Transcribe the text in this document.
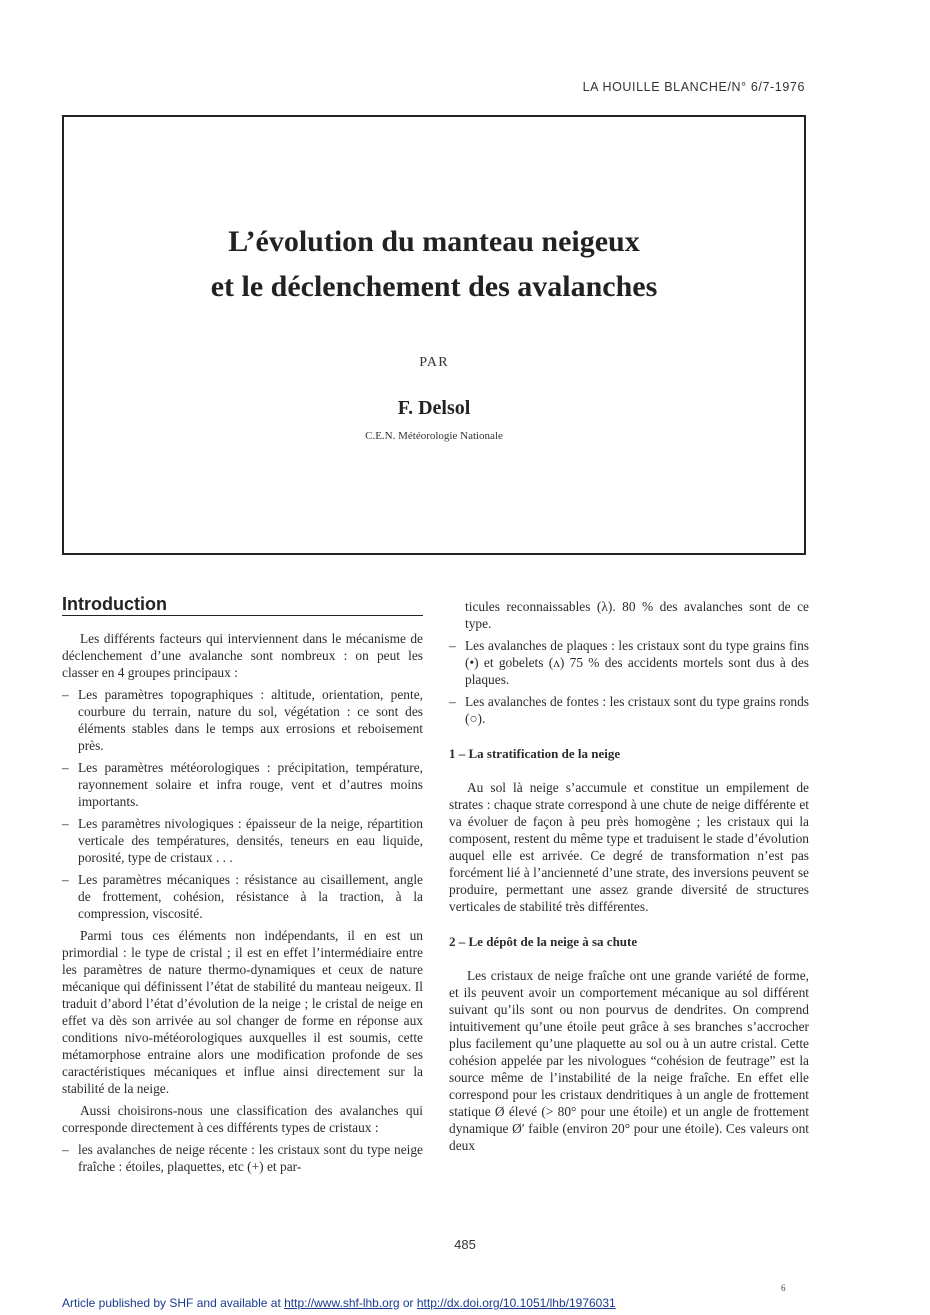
LA HOUILLE BLANCHE/N° 6/7-1976
L’évolution du manteau neigeux
et le déclenchement des avalanches
PAR
F. Delsol
C.E.N. Météorologie Nationale
Introduction

Les différents facteurs qui interviennent dans le mécanisme de déclenchement d’une avalanche sont nombreux : on peut les classer en 4 groupes principaux :

– Les paramètres topographiques : altitude, orientation, pente, courbure du terrain, nature du sol, végétation : ce sont des éléments stables dans le temps aux errosions et reboisement près.
– Les paramètres météorologiques : précipitation, température, rayonnement solaire et infra rouge, vent et d’autres moins importants.
– Les paramètres nivologiques : épaisseur de la neige, répartition verticale des températures, densités, teneurs en eau liquide, porosité, type de cristaux . . .
– Les paramètres mécaniques : résistance au cisaillement, angle de frottement, cohésion, résistance à la traction, à la compression, viscosité.

Parmi tous ces éléments non indépendants, il en est un primordial : le type de cristal ; il est en effet l’intermédiaire entre les paramètres de nature thermo-dynamiques et ceux de nature mécanique qui définissent l’état de stabilité du manteau neigeux. Il traduit d’abord l’état d’évolution de la neige ; le cristal de neige en effet va dès son arrivée au sol changer de forme en réponse aux conditions nivo-météorologiques auxquelles il est soumis, cette métamorphose entraine alors une modification profonde de ses caractéristiques mécaniques et influe ainsi directement sur la stabilité de la neige.

Aussi choisirons-nous une classification des avalanches qui corresponde directement à ces différents types de cristaux :

– les avalanches de neige récente : les cristaux sont du type neige fraîche : étoiles, plaquettes, etc (+) et par-
ticules reconnaissables (λ). 80 % des avalanches sont de ce type.
– Les avalanches de plaques : les cristaux sont du type grains fins (•) et gobelets (ʌ) 75 % des accidents mortels sont dus à des plaques.
– Les avalanches de fontes : les cristaux sont du type grains ronds (○).
1 – La stratification de la neige

Au sol là neige s’accumule et constitue un empilement de strates : chaque strate correspond à une chute de neige différente et va évoluer de façon à peu près homogène ; les cristaux qui la composent, restent du même type et traduisent le stade d’évolution auquel elle est arrivée. Ce degré de transformation n’est pas forcément lié à l’ancienneté d’une strate, des inversions peuvent se produire, permettant une assez grande diversité de structures verticales de stabilité très différentes.

2 – Le dépôt de la neige à sa chute

Les cristaux de neige fraîche ont une grande variété de forme, et ils peuvent avoir un comportement mécanique au sol différent suivant qu’ils sont ou non pourvus de dendrites. On comprend intuitivement qu’une étoile peut grâce à ses branches s’accrocher plus facilement qu’une plaquette au sol ou à un autre cristal. Cette cohésion appelée par les nivologues “cohésion de feutrage” est la source même de l’instabilité de la neige fraîche. En effet elle correspond pour les cristaux dendritiques à un angle de frottement statique Ø élevé (> 80° pour une étoile) et un angle de frottement dynamique Ø′ faible (environ 20° pour une étoile). Ces valeurs ont deux

485
6
Article published by SHF and available at http://www.shf-lhb.org or http://dx.doi.org/10.1051/lhb/1976031
